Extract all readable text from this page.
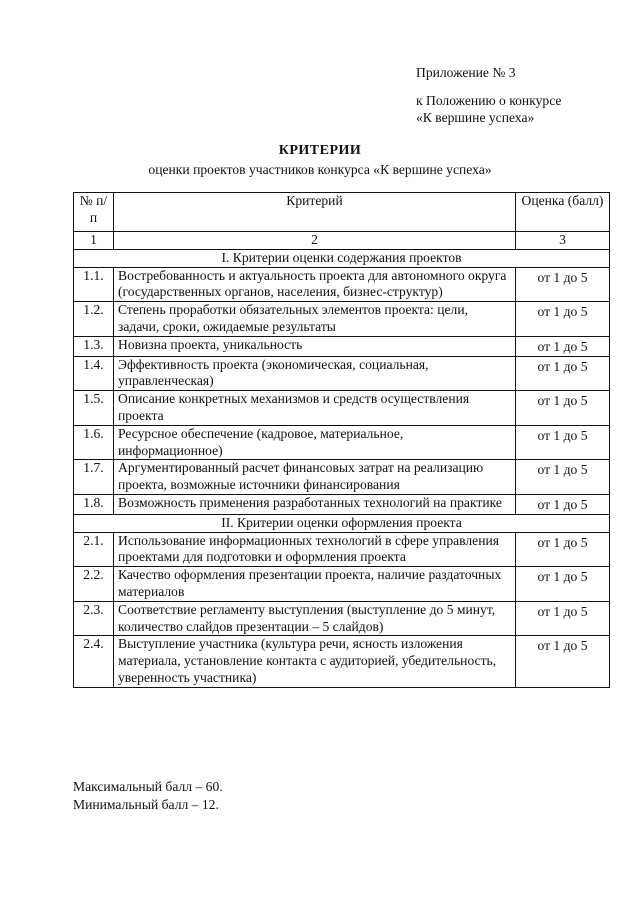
Приложение № 3
к Положению о конкурсе
«К вершине успеха»
КРИТЕРИИ
оценки проектов участников конкурса «К вершине успеха»
№ п/п	Критерий	Оценка (балл)
1	2	3
I. Критерии оценки содержания проектов		
1.1.	Востребованность и актуальность проекта для автономного округа (государственных органов, населения, бизнес-структур)	от 1 до 5
1.2.	Степень проработки обязательных элементов проекта: цели, задачи, сроки, ожидаемые результаты	от 1 до 5
1.3.	Новизна проекта, уникальность	от 1 до 5
1.4.	Эффективность проекта (экономическая, социальная, управленческая)	от 1 до 5
1.5.	Описание конкретных механизмов и средств осуществления проекта	от 1 до 5
1.6.	Ресурсное обеспечение (кадровое, материальное, информационное)	от 1 до 5
1.7.	Аргументированный расчет финансовых затрат на реализацию проекта, возможные источники финансирования	от 1 до 5
1.8.	Возможность применения разработанных технологий на практике	от 1 до 5
II. Критерии оценки оформления проекта		
2.1.	Использование информационных технологий в сфере управления проектами для подготовки и оформления проекта	от 1 до 5
2.2.	Качество оформления презентации проекта, наличие раздаточных материалов	от 1 до 5
2.3.	Соответствие регламенту выступления (выступление до 5 минут, количество слайдов презентации – 5 слайдов)	от 1 до 5
2.4.	Выступление участника (культура речи, ясность изложения материала, установление контакта с аудиторией, убедительность, уверенность участника)	от 1 до 5
Максимальный балл – 60.
Минимальный балл – 12.
